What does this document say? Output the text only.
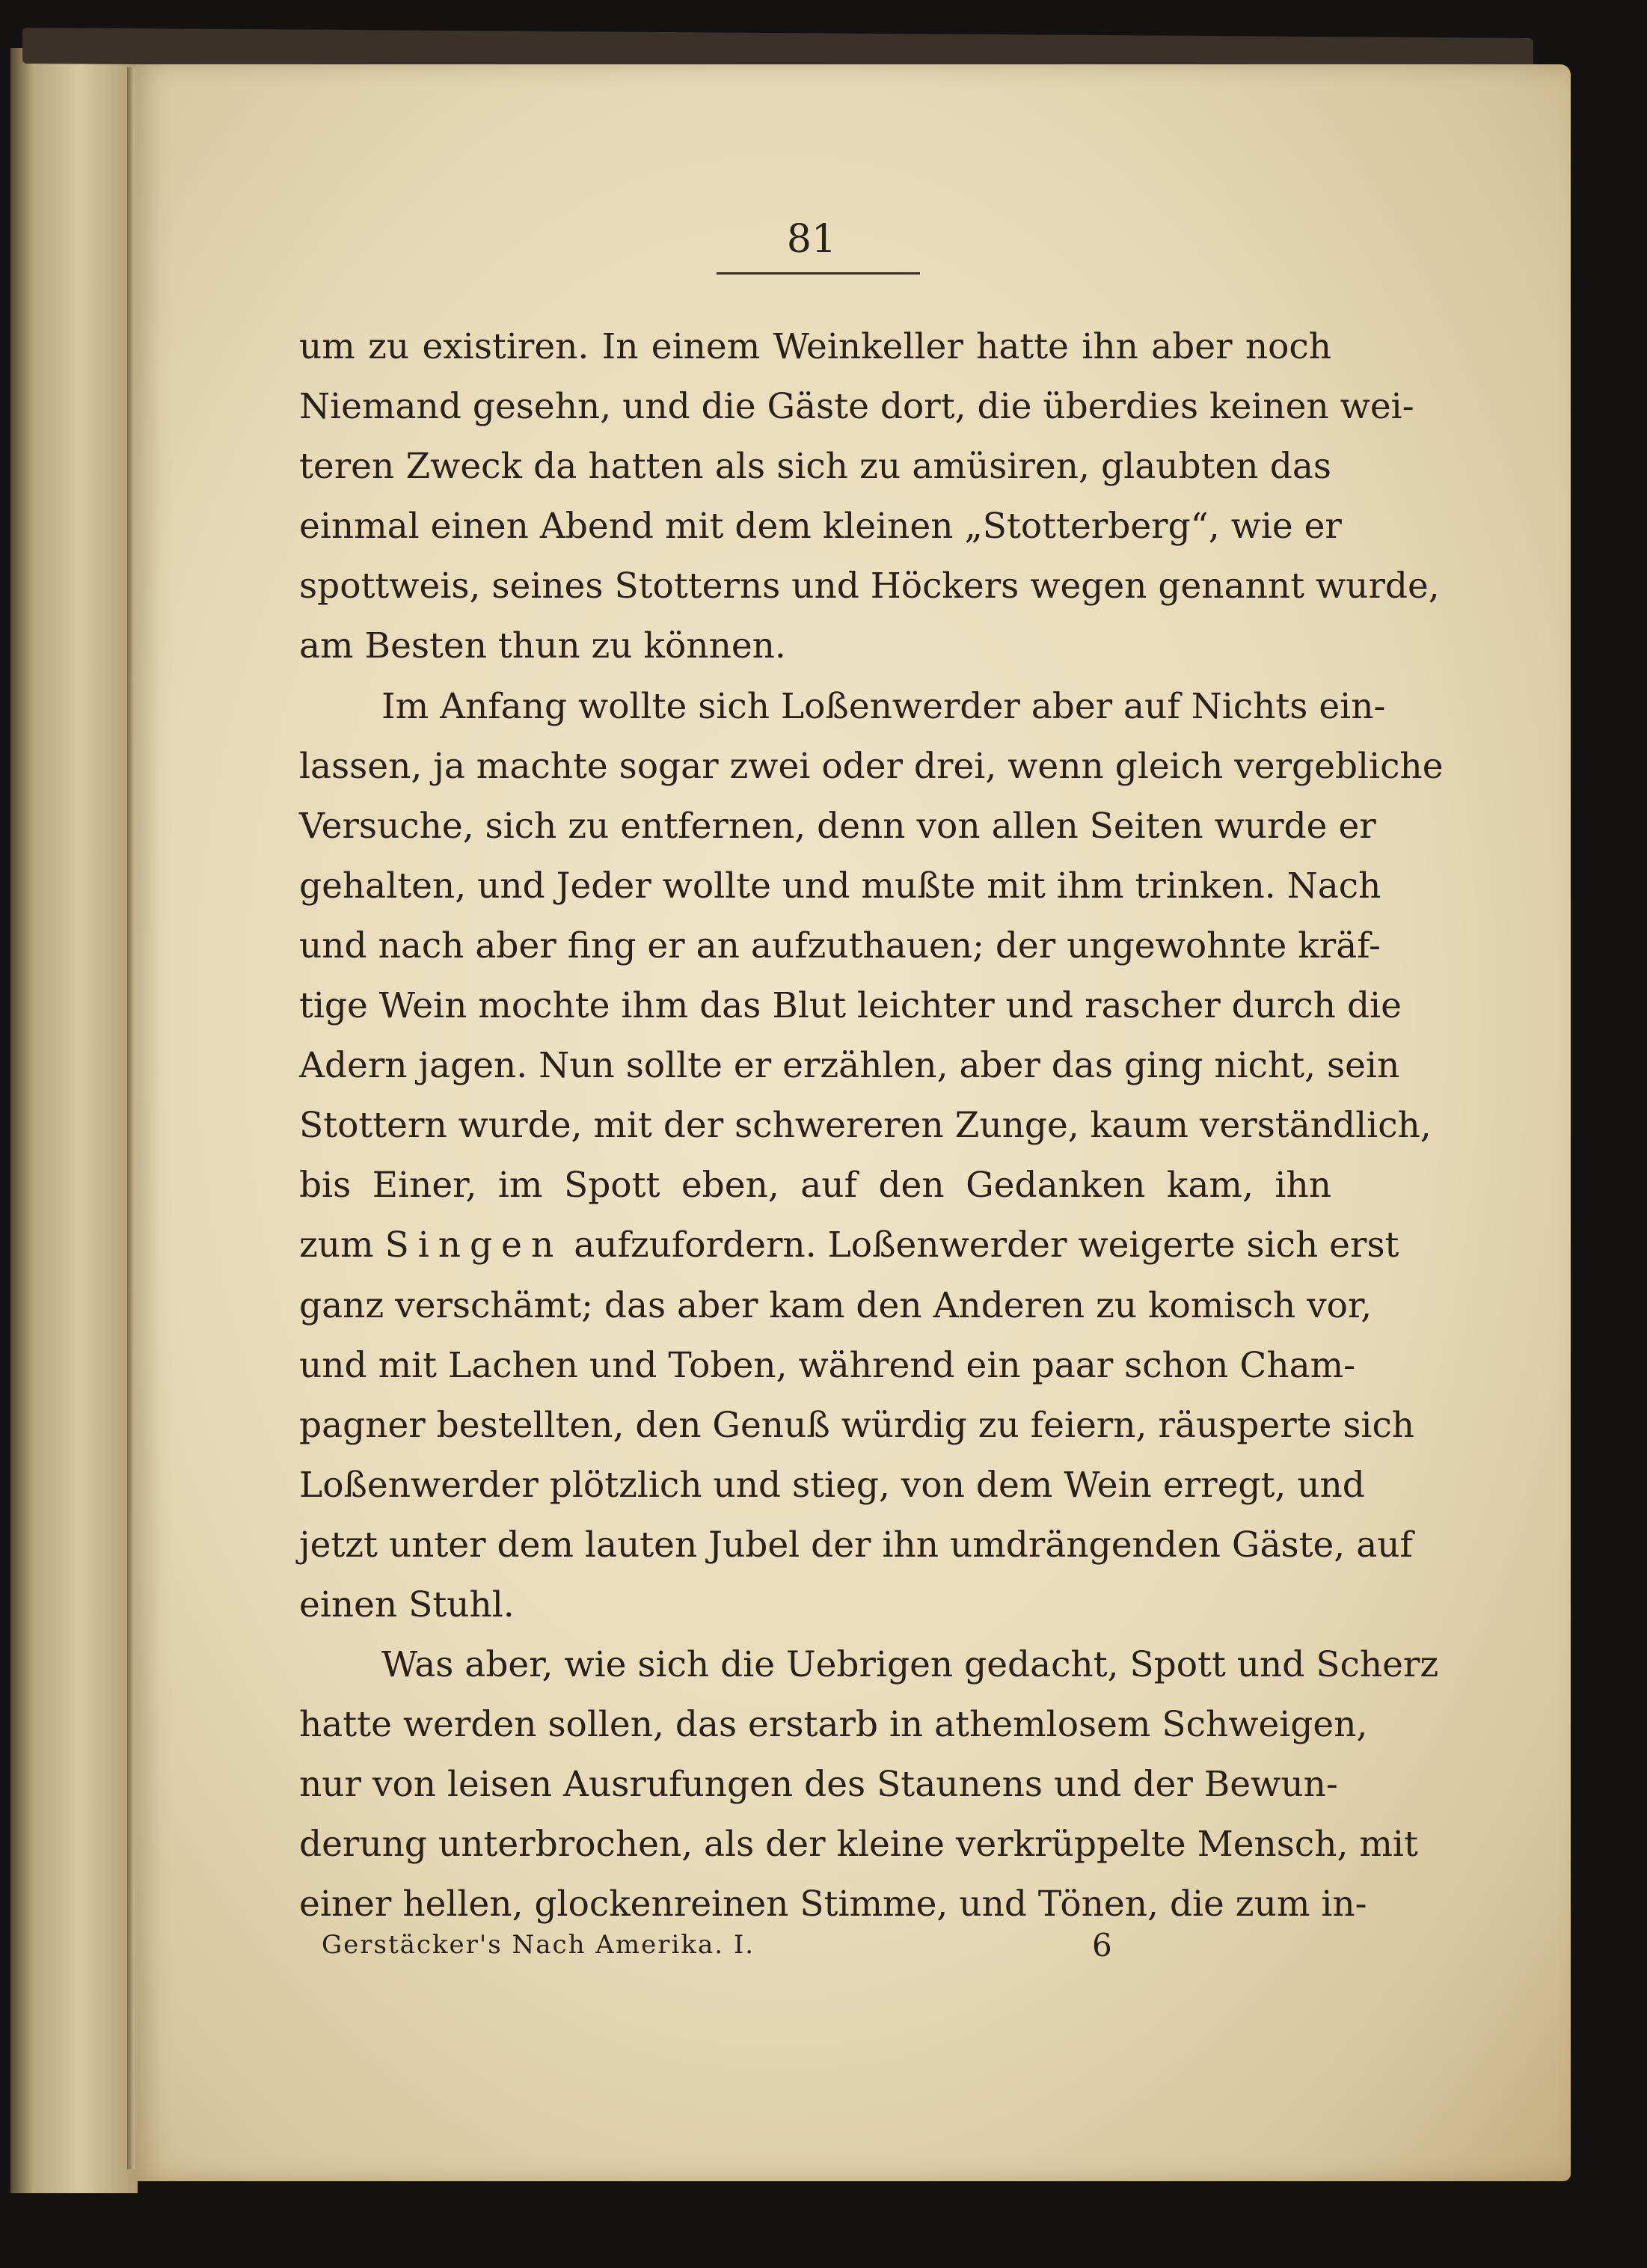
81
um zu existiren. In einem Weinkeller hatte ihn aber noch
Niemand gesehn, und die Gäste dort, die überdies keinen wei-
teren Zweck da hatten als sich zu amüsiren, glaubten das
einmal einen Abend mit dem kleinen „Stotterberg“, wie er
spottweis, seines Stotterns und Höckers wegen genannt wurde,
am Besten thun zu können.
Im Anfang wollte sich Loßenwerder aber auf Nichts ein-
lassen, ja machte sogar zwei oder drei, wenn gleich vergebliche
Versuche, sich zu entfernen, denn von allen Seiten wurde er
gehalten, und Jeder wollte und mußte mit ihm trinken. Nach
und nach aber fing er an aufzuthauen; der ungewohnte kräf-
tige Wein mochte ihm das Blut leichter und rascher durch die
Adern jagen. Nun sollte er erzählen, aber das ging nicht, sein
Stottern wurde, mit der schwereren Zunge, kaum verständlich,
bis Einer, im Spott eben, auf den Gedanken kam, ihn
zum Singen aufzufordern. Loßenwerder weigerte sich erst
ganz verschämt; das aber kam den Anderen zu komisch vor,
und mit Lachen und Toben, während ein paar schon Cham-
pagner bestellten, den Genuß würdig zu feiern, räusperte sich
Loßenwerder plötzlich und stieg, von dem Wein erregt, und
jetzt unter dem lauten Jubel der ihn umdrängenden Gäste, auf
einen Stuhl.
Was aber, wie sich die Uebrigen gedacht, Spott und Scherz
hatte werden sollen, das erstarb in athemlosem Schweigen,
nur von leisen Ausrufungen des Staunens und der Bewun-
derung unterbrochen, als der kleine verkrüppelte Mensch, mit
einer hellen, glockenreinen Stimme, und Tönen, die zum in-
Gerstäcker's Nach Amerika. I.	6
